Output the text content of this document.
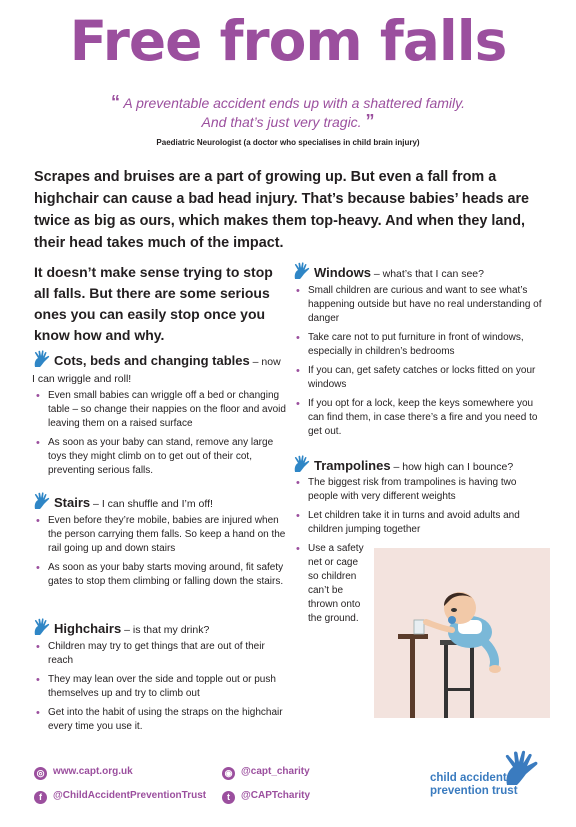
Free from falls
“ A preventable accident ends up with a shattered family.
And that’s just very tragic. ”
Paediatric Neurologist (a doctor who specialises in child brain injury)
Scrapes and bruises are a part of growing up. But even a fall from a highchair can cause a bad head injury. That’s because babies’ heads are twice as big as ours, which makes them top-heavy. And when they land, their head takes much of the impact.
It doesn’t make sense trying to stop all falls. But there are some serious ones you can easily stop once you know how and why.
Cots, beds and changing tables – now I can wriggle and roll!
• Even small babies can wriggle off a bed or changing table – so change their nappies on the floor and avoid leaving them on a raised surface
• As soon as your baby can stand, remove any large toys they might climb on to get out of their cot, preventing serious falls.
Stairs – I can shuffle and I’m off!
• Even before they’re mobile, babies are injured when the person carrying them falls. So keep a hand on the rail going up and down stairs
• As soon as your baby starts moving around, fit safety gates to stop them climbing or falling down the stairs.
Highchairs – is that my drink?
• Children may try to get things that are out of their reach
• They may lean over the side and topple out or push themselves up and try to climb out
• Get into the habit of using the straps on the highchair every time you use it.
Windows – what’s that I can see?
• Small children are curious and want to see what’s happening outside but have no real understanding of danger
• Take care not to put furniture in front of windows, especially in children’s bedrooms
• If you can, get safety catches or locks fitted on your windows
• If you opt for a lock, keep the keys somewhere you can find them, in case there’s a fire and you need to get out.
Trampolines – how high can I bounce?
• The biggest risk from trampolines is having two people with very different weights
• Let children take it in turns and avoid adults and children jumping together
• Use a safety net or cage so children can’t be thrown onto the ground.
◎ www.capt.org.uk
f @ChildAccidentPreventionTrust
◉ @capt_charity
t @CAPTcharity
child accident
prevention trust
